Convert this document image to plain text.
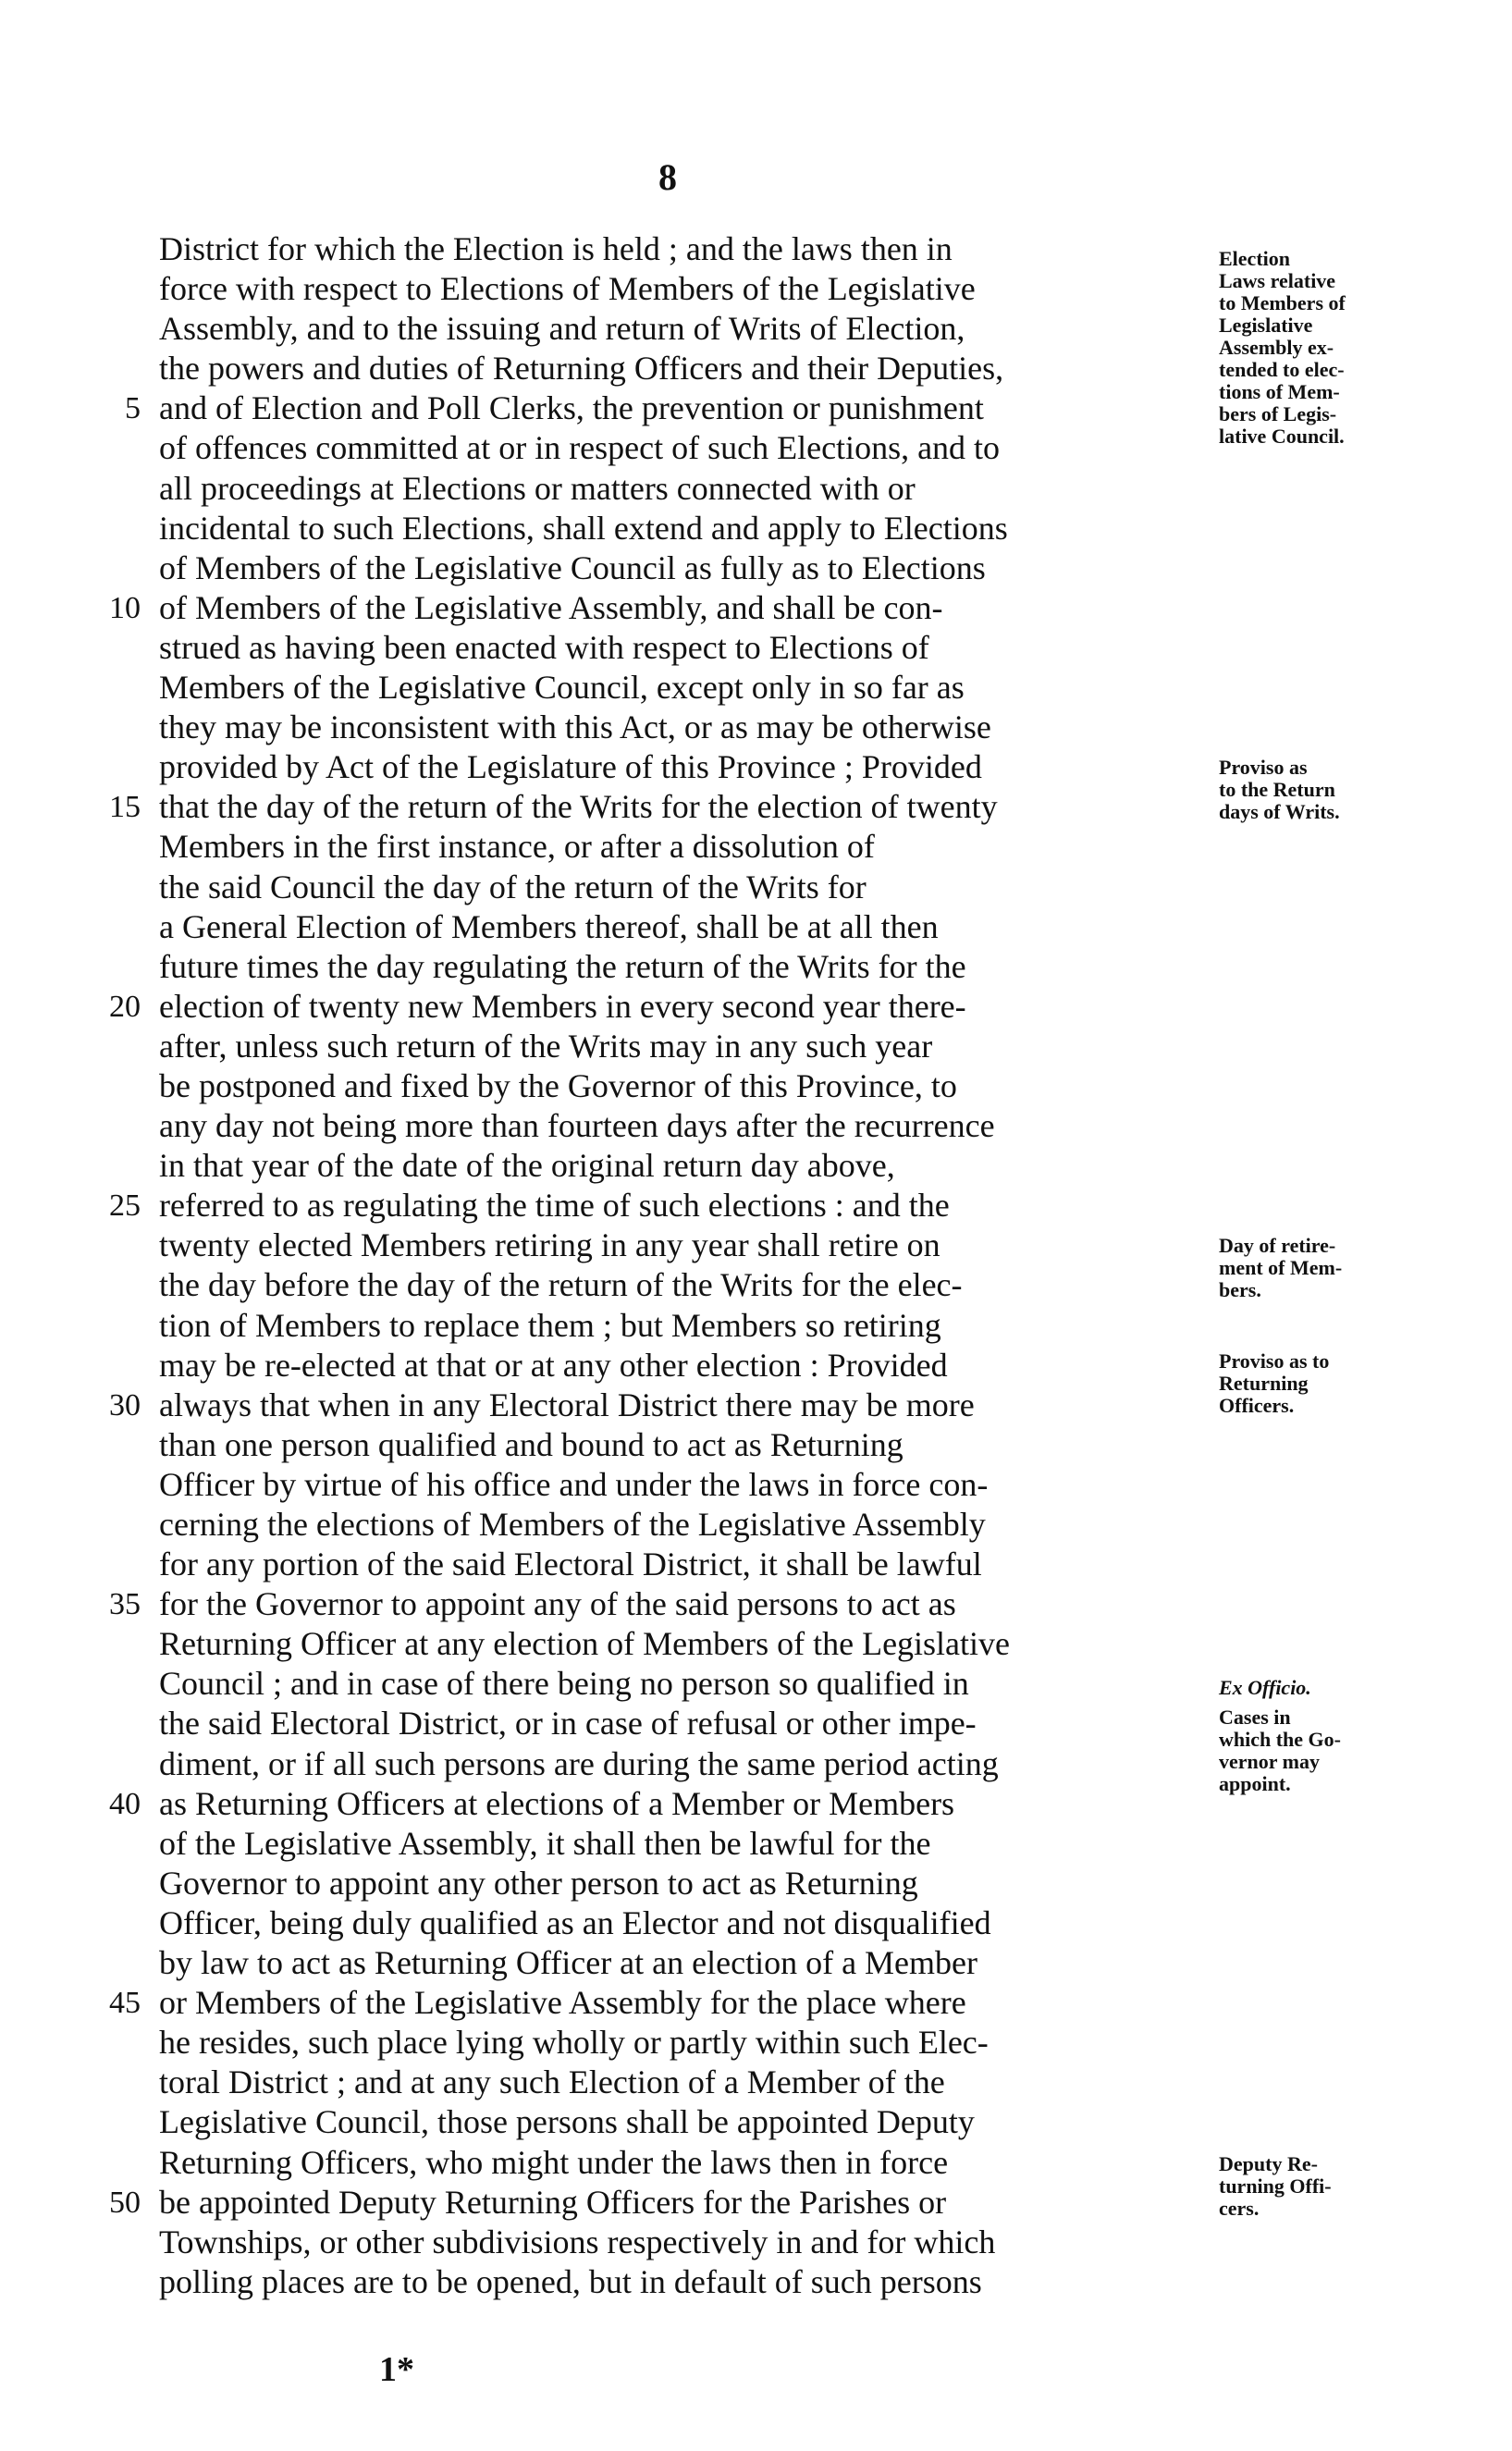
8
District for which the Election is held ; and the laws then in
force with respect to Elections of Members of the Legislative
Assembly, and to the issuing and return of Writs of Election,
the powers and duties of Returning Officers and their Deputies,
5 and of Election and Poll Clerks, the prevention or punishment
of offences committed at or in respect of such Elections, and to
all proceedings at Elections or matters connected with or
incidental to such Elections, shall extend and apply to Elections
of Members of the Legislative Council as fully as to Elections
10 of Members of the Legislative Assembly, and shall be con-
strued as having been enacted with respect to Elections of
Members of the Legislative Council, except only in so far as
they may be inconsistent with this Act, or as may be otherwise
provided by Act of the Legislature of this Province ; Provided
15 that the day of the return of the Writs for the election of twenty
Members in the first instance, or after a dissolution of
the said Council the day of the return of the Writs for
a General Election of Members thereof, shall be at all then
future times the day regulating the return of the Writs for the
20 election of twenty new Members in every second year there-
after, unless such return of the Writs may in any such year
be postponed and fixed by the Governor of this Province, to
any day not being more than fourteen days after the recurrence
in that year of the date of the original return day above,
25 referred to as regulating the time of such elections : and the
twenty elected Members retiring in any year shall retire on
the day before the day of the return of the Writs for the elec-
tion of Members to replace them ; but Members so retiring
may be re-elected at that or at any other election : Provided
30 always that when in any Electoral District there may be more
than one person qualified and bound to act as Returning
Officer by virtue of his office and under the laws in force con-
cerning the elections of Members of the Legislative Assembly
for any portion of the said Electoral District, it shall be lawful
35 for the Governor to appoint any of the said persons to act as
Returning Officer at any election of Members of the Legislative
Council ; and in case of there being no person so qualified in
the said Electoral District, or in case of refusal or other impe-
diment, or if all such persons are during the same period acting
40 as Returning Officers at elections of a Member or Members
of the Legislative Assembly, it shall then be lawful for the
Governor to appoint any other person to act as Returning
Officer, being duly qualified as an Elector and not disqualified
by law to act as Returning Officer at an election of a Member
45 or Members of the Legislative Assembly for the place where
he resides, such place lying wholly or partly within such Elec-
toral District ; and at any such Election of a Member of the
Legislative Council, those persons shall be appointed Deputy
Returning Officers, who might under the laws then in force
50 be appointed Deputy Returning Officers for the Parishes or
Townships, or other subdivisions respectively in and for which
polling places are to be opened, but in default of such persons
Election
Laws relative
to Members of
Legislative
Assembly ex-
tended to elec-
tions of Mem-
bers of Legis-
lative Council.
Proviso as
to the Return
days of Writs.
Day of retire-
ment of Mem-
bers.
Proviso as to
Returning
Officers.
Ex Officio.
Cases in
which the Go-
vernor may
appoint.
Deputy Re-
turning Offi-
cers.
1*
